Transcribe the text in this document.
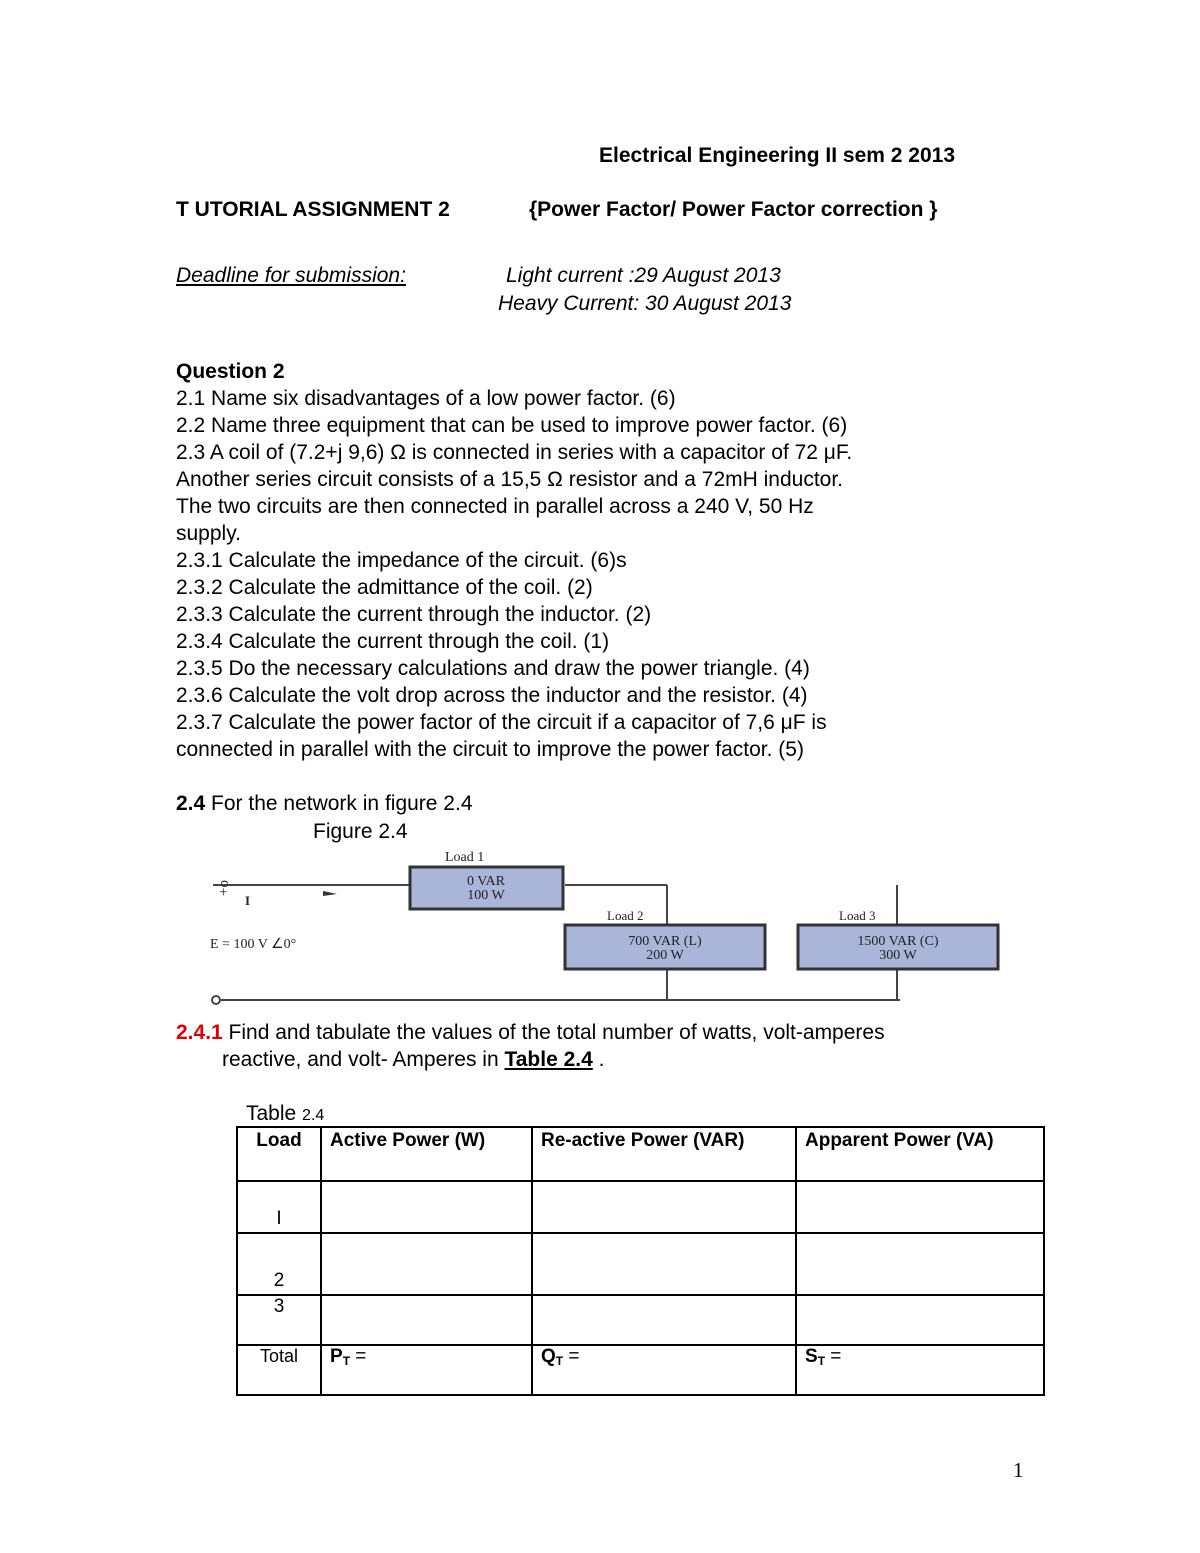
Electrical Engineering II sem 2 2013
T UTORIAL ASSIGNMENT 2	{Power Factor/ Power Factor correction }
Deadline for submission:	Light current :29 August 2013
Heavy Current: 30 August 2013
Question 2
2.1 Name six disadvantages of a low power factor. (6)
2.2 Name three equipment that can be used to improve power factor. (6)
2.3 A coil of (7.2+j 9,6) Ω is connected in series with a capacitor of 72 μF.
Another series circuit consists of a 15,5 Ω resistor and a 72mH inductor.
The two circuits are then connected in parallel across a 240 V, 50 Hz
supply.
2.3.1 Calculate the impedance of the circuit. (6)s
2.3.2 Calculate the admittance of the coil. (2)
2.3.3 Calculate the current through the inductor. (2)
2.3.4 Calculate the current through the coil. (1)
2.3.5 Do the necessary calculations and draw the power triangle. (4)
2.3.6 Calculate the volt drop across the inductor and the resistor. (4)
2.3.7 Calculate the power factor of the circuit if a capacitor of 7,6 μF is
connected in parallel with the circuit to improve the power factor. (5)
2.4 For the network in figure 2.4
Figure 2.4
+o
I
E = 100 V ∠0°
Load 1
0 VAR
100 W
Load 2
700 VAR (L)
200 W
Load 3
1500 VAR (C)
300 W
2.4.1 Find and tabulate the values of the total number of watts, volt-amperes
reactive, and volt- Amperes in Table 2.4 .
Table 2.4
Load	Active Power (W)	Re-active Power (VAR)	Apparent Power (VA)
I			
2			
3			
Total	$P_T$ =	$Q_T$ =	$S_T$ =
1
